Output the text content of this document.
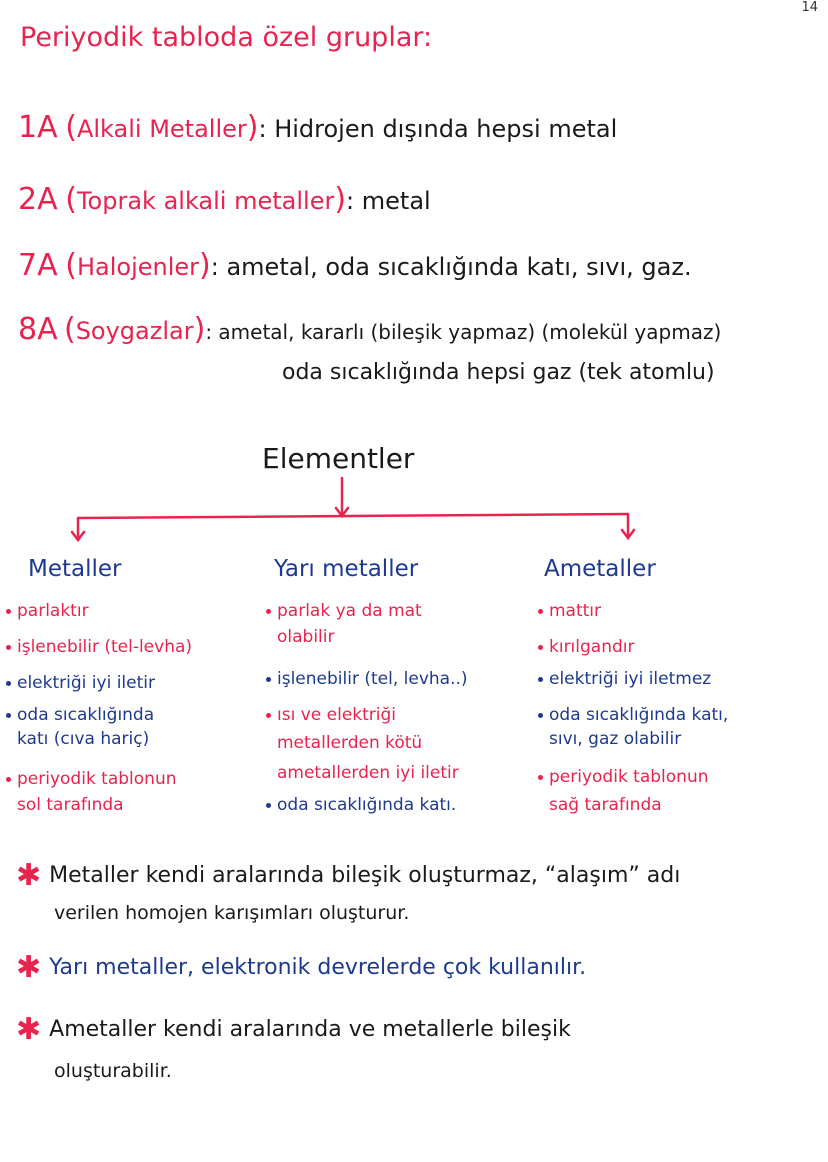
14
Periyodik tabloda özel gruplar:
1A (Alkali Metaller): Hidrojen dışında hepsi metal
2A (Toprak alkali metaller): metal
7A (Halojenler): ametal, oda sıcaklığında katı, sıvı, gaz.
8A (Soygazlar): ametal, kararlı (bileşik yapmaz) (molekül yapmaz)
oda sıcaklığında hepsi gaz (tek atomlu)
Elementler
Metaller	Yarı metaller	Ametaller
parlaktır
işlenebilir (tel-levha)
elektriği iyi iletir
oda sıcaklığında
katı (cıva hariç)
periyodik tablonun
sol tarafında
parlak ya da mat
olabilir
işlenebilir (tel, levha..)
ısı ve elektriği
metallerden kötü
ametallerden iyi iletir
oda sıcaklığında katı.
mattır
kırılgandır
elektriği iyi iletmez
oda sıcaklığında katı,
sıvı, gaz olabilir
periyodik tablonun
sağ tarafında
✱ Metaller kendi aralarında bileşik oluşturmaz, “alaşım” adı
verilen homojen karışımları oluşturur.
✱ Yarı metaller, elektronik devrelerde çok kullanılır.
✱ Ametaller kendi aralarında ve metallerle bileşik
oluşturabilir.
